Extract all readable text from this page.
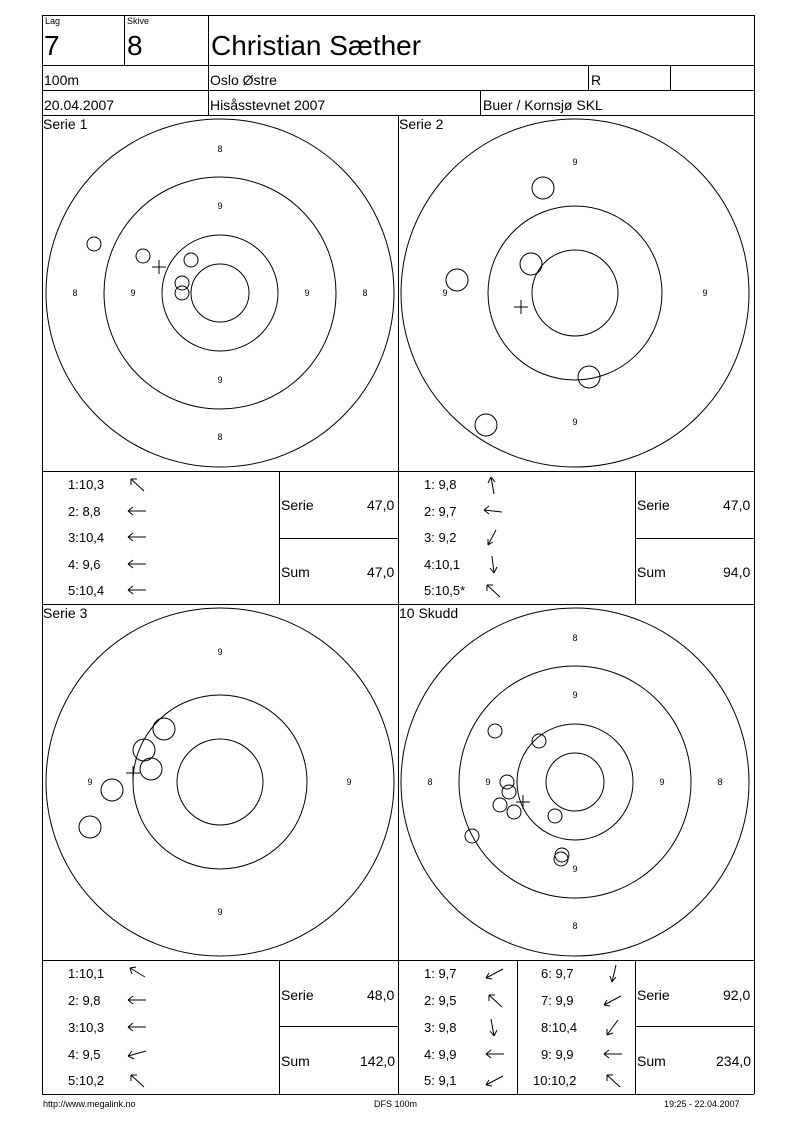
Lag
7
Skive
8 Christian Sæther
100m	Oslo Østre	R
20.04.2007	Hisåsstevnet 2007	Buer / Kornsjø SKL
Serie 1
8
9
9
8
8	9	9	8
1:10,3
2: 8,8
3:10,4
4: 9,6
5:10,4
Serie	47,0
Sum	47,0
Serie 2
9
9
9	9
1: 9,8
2: 9,7
3: 9,2
4:10,1
5:10,5*
Serie	47,0
Sum	94,0
Serie 3
9
9
9	9
1:10,1
2: 9,8
3:10,3
4: 9,5
5:10,2
Serie	48,0
Sum	142,0
10 Skudd
8
9
9
8
8	9	9	8
1: 9,7
2: 9,5
3: 9,8
4: 9,9
5: 9,1
6: 9,7
7: 9,9
8:10,4
9: 9,9
10:10,2
Serie	92,0
Sum	234,0
http://www.megalink.no	DFS 100m	19:25 - 22.04.2007
